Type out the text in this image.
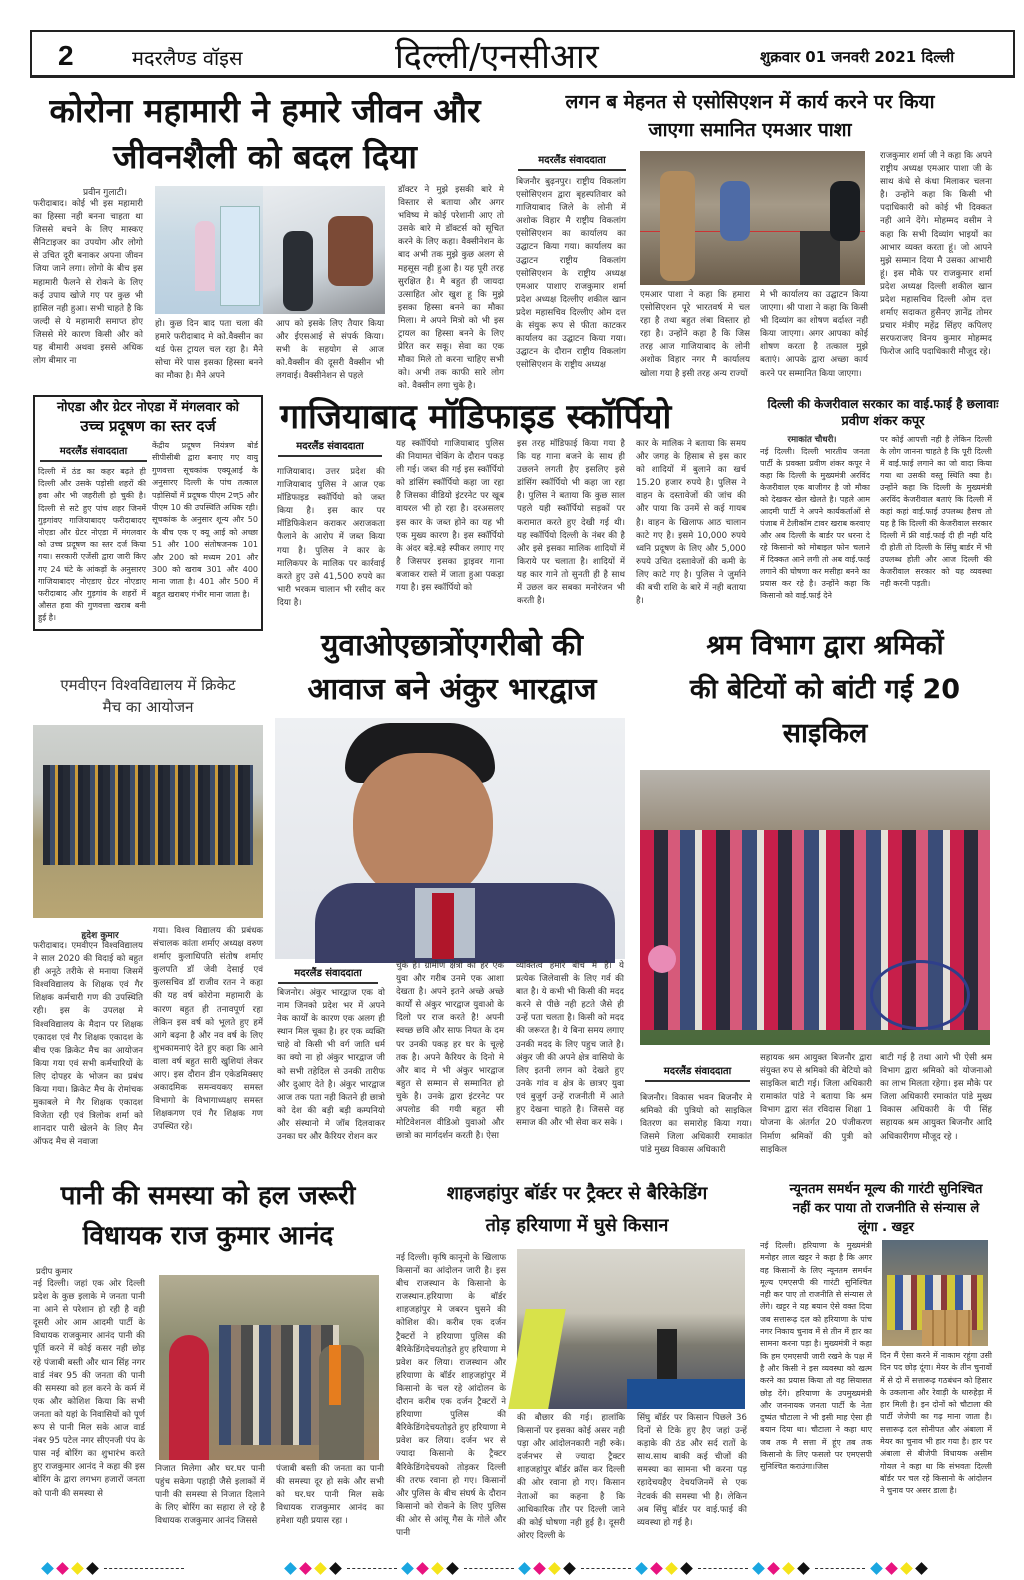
2	मदरलैण्ड वॉइस	दिल्ली/एनसीआर	शुक्रवार 01 जनवरी 2021 दिल्ली
कोरोना महामारी ने हमारे जीवन और
जीवनशैली को बदल दिया
प्रवीन गुलाटी।
फरीदाबाद। कोई भी इस महामारी का हिस्सा नही बनना चाहता था जिससे बचने के लिए मास्कए सैनिटाइजर का उपयोग और लोगो से उचित दूरी बनाकर अपना जीवन जिया जाने लगा। लोगो के बीच इस महामारी फैलने से रोकने के लिए कई उपाय खोजे गए पर कुछ भी हासिल नही हुआ। सभी चाहते है कि जल्दी से ये महामारी समाप्त होए जिससे मेरे कारण किसी और को यह बीमारी अथवा इससे अधिक लोग बीमार ना
हो। कुछ दिन बाद पता चला की हमारे फरीदाबाद मे को.वैक्सीन का थर्ड फेस ट्रायल चल रहा है। मैने सोचा मेरे पास इसका हिस्सा बनने का मौका है। मैने अपने
आप को इसके लिए तैयार किया और ईएसआई से संपर्क किया। सभी के सहयोग से आज को.वैक्सीन की दूसरी वैक्सीन भी लगवाई। वैक्सीनेशन से पहले
डॉक्टर ने मुझे इसकी बारे मे विस्तार से बताया और अगर भविष्य मे कोई परेशानी आए तो उसके बारे मे डॉक्टर्स को सूचित करने के लिए कहा। वैक्सीनेशन के बाद अभी तक मुझे कुछ अलग से महसूस नही हुआ है। यह पूरी तरह सुरक्षित है। मै बहुत ही जायदा उत्साहित ओर खुश हू कि मुझे इसका हिस्सा बनने का मौका मिला। मे अपने मित्रो को भी इस ट्रायल का हिस्सा बनने के लिए प्रेरित कर सकू। सेवा का एक मौका मिले तो करना चाहिए सभी को। अभी तक काफी सारे लोग को. वैक्सीन लगा चुके है।
लगन ब मेहनत से एसोसिएशन में कार्य करने पर किया
जाएगा समानित एमआर पाशा
मदरलैंड संवाददाता
बिजनौर बुढ़नपुर। राष्ट्रीय विकलांग एसोसिएशन द्वारा बृहस्पतिवार को गाजियाबाद जिले के लोनी में अशोक विहार मै राष्ट्रीय विकलांग एसोसिएशन का कार्यालय का उद्घाटन किया गया। कार्यालय का उद्घाटन राष्ट्रीय विकलांग एसोसिएशन के राष्ट्रीय अध्यक्ष एमआर पाशाए राजकुमार शर्मा प्रदेश अध्यक्ष दिल्लीए शकील खान प्रदेश महासचिव दिल्लीए ओम दत्त के संयुक रूप से फीता काटकर कार्यालय का उद्घाटन किया गया। उद्घाटन के दौरान राष्ट्रीय विकलांग एसोसिएशन के राष्ट्रीय अध्यक्ष
एमआर पाशा ने कहा कि हमारा एसोसिएशन पूरे भारतवर्ष मे चल रहा है तथा बहुत लंबा विस्तार हो रहा है। उन्होंने कहा है कि जिस तरह आज गाजियाबाद के लोनी अशोक विहार नगर मै कार्यालय खोला गया है इसी तरह अन्य राज्यों
मे भी कार्यालय का उद्घाटन किया जाएगा। श्री पाशा ने कहा कि किसी भी दिव्यांग का शोषण बर्दाश्त नही किया जाएगा। अगर आपका कोई शोषण करता है तत्काल मुझे बताएं। आपके द्वारा अच्छा कार्य करने पर सम्मानित किया जाएगा।
राजकुमार शर्मा जी ने कहा कि अपने राष्ट्रीय अध्यक्ष एमआर पाशा जी के साथ कंधे से कंधा मिलाकर चलना है। उन्होंने कहा कि किसी भी पदाधिकारी को कोई भी दिक्कत नही आने देंगे। मोहम्मद वसीम ने कहा कि सभी दिव्यांग भाइयों का आभार व्यक्त करता हूं। जो आपने मुझे सम्मान दिया मै उसका आभारी हूं। इस मौके पर राजकुमार शर्मा प्रदेश अध्यक्ष दिल्ली शकील खान प्रदेश महासचिव दिल्ली ओम दत्त शर्माए सदाकत हुसैनए ज्ञानेंद्र तोमर प्रचार मंत्रीए महेंद्र सिंहए कपिलए सरफराजए विनय कुमार मोहम्मद फिरोज आदि पदाधिकारी मौजूद रहे।
नोएडा और ग्रेटर नोएडा में मंगलवार को
उच्च प्रदूषण का स्तर दर्ज
मदरलैंड संवाददाता
दिल्ली में ठंड का कहर बढ़ते ही दिल्ली और उसके पड़ोसी शहरों की हवा और भी जहरीली हो चुकी है। दिल्ली से सटे हुए पांच शहर जिनमें गुड़गांवए गाजियाबादए फरीदाबादए नोएडा और ग्रेटर नोएडा में मंगलवार को उच्च प्रदूषण का स्तर दर्ज किया गया। सरकारी एजेंसी द्वारा जारी किए गए 24 घंटे के आंकड़ों के अनुसारए गाजियाबादए नोएडाए ग्रेटर नोएडाए फरीदाबाद और गुड़गांव के शहरों में औसत हवा की गुणवत्ता खराब बनी हुई है।
केंद्रीय प्रदूषण नियंत्रण बोर्ड सीपीसीबी द्वारा बनाए गए वायु गुणवत्ता सूचकांक एक्यूआई के अनुसारए दिल्ली के पांच तत्काल पड़ोसियों में प्रदूषक पीएम 2ण्5 और पीएम 10 की उपस्थिति अधिक रही। सूचकांक के अनुसार शून्य और 50 के बीच एक ए क्यू आई को अच्छा 51 और 100 संतोषजनक 101 और 200 को मध्यम 201 और 300 को खराब 301 और 400 माना जाता है। 401 और 500 में बहुत खराबए गंभीर माना जाता है।
गाजियाबाद मॉडिफाइड स्कॉर्पियो
मदरलैंड संवाददाता
गाजियाबाद। उत्तर प्रदेश की गाजियाबाद पुलिस ने आज एक मॉडिफाइड स्कॉर्पियो को जब्त किया है। इस कार पर मॉडिफिकेशन कराकर अराजकता फैलाने के आरोप में जब्त किया गया है। पुलिस ने कार के मालिकपर के मालिक पर कार्रवाई करते हुए उसे 41,500 रुपये का भारी भरकम चालान भी रसीद कर दिया है।
यह स्कॉर्पियो गाजियाबाद पुलिस की नियामत चेकिंग के दौरान पकड़ ली गई। जब्त की गई इस स्कॉर्पियो को डांसिंग स्कॉर्पियो कहा जा रहा है जिसका वीडियो इंटरनेट पर खूब वायरल भी हो रहा है। दरअसलए इस कार के जब्त होने का यह भी एक मुख्य कारण है। इस स्कॉर्पियो के अंदर बड़े.बड़े स्पीकर लगाए गए है जिसपर इसका ड्राइवर गाना बजाकर रास्ते में जाता हुआ पकड़ा गया है। इस स्कॉर्पियो को
इस तरह मॉडिफाई किया गया है कि यह गाना बजने के साथ ही उछलने लगती हैए इसलिए इसे डांसिंग स्कॉर्पियो भी कहा जा रहा है। पुलिस ने बताया कि कुछ साल पहले यही स्कॉर्पियो सड़कों पर करामात करते हुए देखी गई थी। यह स्कॉर्पियो दिल्ली के नंबर की है और इसे इसका मालिक शादियों में किराये पर चलाता है। शादियों में यह कार गाने तो सुनती ही है साथ में उछल कर सबका मनोरंजन भी करती है।
कार के मालिक ने बताया कि समय और जगह के हिसाब से इस कार को शादियों में बुलाने का खर्च 15.20 हजार रुपये है। पुलिस ने वाहन के दस्तावेजों की जांच की और पाया कि उनमें से कई गायब है। वाहन के खिलाफ आठ चालान काटे गए है। इसमे 10,000 रुपये ध्वनि प्रदूषण के लिए और 5,000 रुपये उचित दस्तावेजों की कमी के लिए काटे गए है। पुलिस ने जुर्माने की बची राशि के बारे में नही बताया है।
दिल्ली की केजरीवाल सरकार का वाई.फाई है छलावाः
प्रवीण शंकर कपूर
रमाकांत चौधरी।
नई दिल्ली। दिल्ली भारतीय जनता पार्टी के प्रवक्ता प्रवीण शंकर कपूर ने कहा कि दिल्ली के मुख्यमंत्री अरविंद केजरीवाल एक बाजीगर है जो मौका को देखकर खेल खेलते है। पहले आम आदमी पार्टी ने अपने कार्यकर्ताओं से पंजाब में टेलीकॉम टावर खराब करवाए और अब दिल्ली के बार्डर पर धरना दे रहे किसानो को मोबाइल फोन चलाने में दिक्कत आने लगी तो अब वाई.फाई लगाने की घोषणा कर मसीहा बनने का प्रयास कर रहे है। उन्होंने कहा कि किसानो को वाई.फाई देने
पर कोई आपत्ती नही है लेकिन दिल्ली के लोग जानना चाहते है कि पूरी दिल्ली में वाई.फाई लगाने का जो वादा किया गया था उसकी वस्तु स्थिति क्या है। उन्होंने कहा कि दिल्ली के मुख्यमंत्री अरविंद केजरीवाल बताएं कि दिल्ली में कहां कहां वाई.फाई उपलब्ध हैसच तो यह है कि दिल्ली की केजरीवाल सरकार दिल्ली में फ्री वाई.फाई दी ही नही यदि दी होती तो दिल्ली के सिंघु बार्डर में भी उपलब्ध होती और आज दिल्ली की केजरीवाल सरकार को यह व्यवस्था नही करनी पड़ती।
एमवीएन विश्वविद्यालय में क्रिकेट
मैच का आयोजन
हृदेश कुमार
फरीदाबाद। एमवीएन विश्वविद्यालय ने साल 2020 की विदाई को बहुत ही अनूठे तरीके से मनाया जिसमें विश्वविद्यालय के शिक्षक एवं गैर शिक्षक कर्मचारी गण की उपस्थिति रही। इस के उपलक्ष मे विश्वविद्यालय के मैदान पर शिक्षक एकादश एवं गैर शिक्षक एकादश के बीच एक क्रिकेट मैच का आयोजन किया गया एवं सभी कर्मचारियों के लिए दोपहर के भोजन का प्रबंध किया गया। क्रिकेट मैच के रोमांचक मुकाबले मे गैर शिक्षक एकादश विजेता रही एवं त्रिलोक शर्मा को शानदार पारी खेलने के लिए मैन ऑफद मैच से नवाजा
गया। विश्व विद्यालय की प्रबंधक संचालक कांता शर्माए अध्यक्ष वरुण शर्माए कुलाधिपति संतोष शर्माए कुलपति डॉ जेवी देसाई एवं कुलसचिव डॉ राजीव रतन ने कहा की यह वर्ष कोरोना महामारी के कारण बहुत ही तनावपूर्ण रहा लेकिन इस वर्ष को भूलते हुए हमें आगे बढ़ना है और नव वर्ष के लिए शुभकामनाएं देते हुए कहा कि आने वाला वर्ष बहुत सारी खुशियां लेकर आए। इस दौरान डीन एकेडमिक्सए अकादमिक समन्वयकए समस्त विभागो के विभागाध्यक्षए समस्त शिक्षकगण एवं गैर शिक्षक गण उपस्थित रहे।
युवाओएछात्रोंएगरीबो की
आवाज बने अंकुर भारद्वाज
मदरलैंड संवाददाता
बिजनोर। अंकुर भारद्वाज एक वो नाम जिनको प्रदेश भर में अपने नेक कार्यों के कारण एक अलग ही स्थान मिल चूका है। हर एक व्यक्ति चाहे वो किसी भी वर्ग जाति धर्म का क्यो ना हो अंकुर भारद्वाज जी को सभी तहेदिल से उनकी तारीफ और दुआए देते है। अंकुर भारद्वाज आज तक पता नही कितने ही छात्रो को देश की बड़ी बड़ी कम्पनियो और संस्थानो मे जॉब दिलवाकर उनका घर और कैरियर रोशन कर
चुके है। ग्रामीण क्षेत्रो का हर एक युवा और गरीब उनमे एक आशा देखता है। अपने इतने अच्छे अच्छे कार्यों से अंकुर भारद्वाज युवाओ के दिलो पर राज करते है! अपनी स्वच्छ छवि और साफ नियत के दम पर उनकी पकड़ हर घर के चूल्हे तक है। अपने कैरियर के दिनो मे और बाद मे भी अंकुर भारद्वाज बहुत से सम्मान से सम्मानित हो चुके है। उनके द्वारा इंटरनेट पर अपलोड की गयी बहुत सी मोटिवेशनल वीडिओ युवाओ और छात्रो का मार्गदर्शन करती है। ऐसा
व्यक्तित्व हमारे बीच मे है। ये प्रत्येक जिलेवासी के लिए गर्व की बात है। ये कभी भी किसी की मदद करने से पीछे नही हटते जैसे ही उन्हें पता चलता है। किसी को मदद की जरूरत है। ये बिना समय लगाए उनकी मदद के लिए पहुच जाते है। अंकुर जी की अपने क्षेत्र वासियो के लिए इतनी लगन को देखते हुए उनके गांव व क्षेत्र के छात्रए युवा एवं बुजुर्ग उन्हें राजनीती में आते हुए देखना चाहते है। जिससे वह समाज की और भी सेवा कर सके ।
श्रम विभाग द्वारा श्रमिकों
की बेटियों को बांटी गई 20
साइकिल
मदरलैंड संवाददाता
बिजनौर। विकास भवन बिजनौर मे श्रमिको की पुत्रियो को साइकिल वितरण का समारोह किया गया। जिसमे जिला अधिकारी रमाकांत पांडे मुख्य विकास अधिकारी
सहायक श्रम आयुक्त बिजनौर द्वारा संयुक्त रुप से श्रमिको की बेटियो को साइकिल बाटी गई। जिला अधिकारी रामाकांत पांडे ने बताया कि श्रम विभाग द्वारा संत रविदास शिक्षा 1 योजना के अंतर्गत 20 पंजीकरण निर्माण श्रमिकों की पुत्री को साइकिल
बाटी गई है तथा आगे भी ऐसी श्रम विभाग द्वारा श्रमिको को योजनाओ का लाभ मिलता रहेगा। इस मौके पर जिला अधिकारी रमाकांत पांडे मुख्य विकास अधिकारी के पी सिंह सहायक श्रम आयुक्त बिजनौर आदि अधिकारीगण मौजूद रहे ।
पानी की समस्या को हल जरूरी
विधायक राज कुमार आनंद
प्रदीप कुमार
नई दिल्ली। जहां एक ओर दिल्ली प्रदेश के कुछ इलाके मे जनता पानी ना आने से परेशान हो रही है वही दूसरी ओर आम आदमी पार्टी के विधायक राजकुमार आनंद पानी की पूर्ति करने में कोई कसर नही छोड़ रहे पंजाबी बस्ती और धान सिंह नगर वार्ड नंबर 95 की जनता की पानी की समस्या को हल करने के कर्म में एक और कोशिश किया कि सभी जनता को यहां के निवासियों को पूर्ण रूप से पानी मिल सके आज वार्ड नंबर 95 पटेल नगर सीएनजी पंप के पास नई बोरिंग का शुभारंभ करते हुए राजकुमार आनंद ने कहा की इस बोरिंग के द्वारा लगभग हजारों जनता को पानी की समस्या से
निजात मिलेगा और घर.घर पानी पहुंच सकेगा पहाड़ी जैसे इलाकों में पानी की समस्या से निजात दिलाने के लिए बोरिंग का सहारा ले रहे है विधायक राजकुमार आनंद जिससे
पंजाबी बस्ती की जनता का पानी की समस्या दूर हो सके और सभी को घर.घर पानी मिल सके विधायक राजकुमार आनंद का हमेशा यही प्रयास रहा ।
शाहजहांपुर बॉर्डर पर ट्रैक्टर से बैरिकेडिंग
तोड़ हरियाणा में घुसे किसान
नई दिल्ली। कृषि कानूनो के खिलाफ किसानों का आंदोलन जारी है। इस बीच राजस्थान के किसानो के राजस्थान.हरियाणा के बॉर्डर शाहजहांपुर मे जबरन घुसने की कोशिश की। करीब एक दर्जन ट्रैक्टरों ने हरियाणा पुलिस की बैरिकेडिंगदेचयतोड़ते हुए हरियाणा मे प्रवेश कर लिया। राजस्थान और हरियाणा के बॉर्डर शाहजहांपुर में किसानो के चल रहे आंदोलन के दौरान करीब एक दर्जन ट्रैक्टरों ने हरियाणा पुलिस की बैरिकेडिंगदेचयतोड़ते हुए हरियाणा मे प्रवेश कर लिया। दर्जन भर से ज्यादा किसानो के ट्रैक्टर बैरिकेडिंगदेचयको तोड़कर दिल्ली की तरफ रवाना हो गए। किसानों और पुलिस के बीच संघर्ष के दौरान किसानो को रोकने के लिए पुलिस की ओर से आंसू गैस के गोले और पानी
की बौछार की गई। हालांकि किसानों पर इसका कोई असर नही पड़ा और आंदोलनकारी नही रुके। दर्जनभर से ज्यादा ट्रैक्टर शाहजहांपुर बॉर्डर क्रॉस कर दिल्ली की ओर रवाना हो गए। किसान नेताओं का कहना है कि आधिकारिक तौर पर दिल्ली जाने की कोई घोषणा नही हुई है। दूसरी ओरए दिल्ली के
सिंघु बॉर्डर पर किसान पिछले 36 दिनों से टिके हुए हैए जहां उन्हें कड़ाके की ठंड और सर्द रातों के साथ.साथ बाकी कई चीजों की समस्या का सामना भी करना पड़ रहादेचयहैए देचयजिनमें से एक नेटवर्क की समस्या भी है। लेकिन अब सिंघु बॉर्डर पर वाई.फाई की व्यवस्था हो गई है।
न्यूनतम समर्थन मूल्य की गारंटी सुनिश्चित
नहीं कर पाया तो राजनीति से संन्यास ले
लूंगा . खट्टर
नई दिल्ली। हरियाणा के मुख्यमंत्री मनोहर लाल खट्टर ने कहा है कि अगर वह किसानों के लिए न्यूनतम समर्थन मूल्य एमएसपी की गारंटी सुनिश्चित नही कर पाए तो राजनीति से संन्यास ले लेंगे। खट्टर ने यह बयान ऐसे वक्त दिया जब सत्तारूढ़ दल को हरियाणा के पांच नगर निकाय चुनाव में से तीन में हार का सामना करना पड़ा है। मुख्यमंत्री ने कहा कि हम एमएसपी जारी रखने के पक्ष में है और किसी ने इस व्यवस्था को खत्म करने का प्रयास किया तो वह सियासत छोड़ देंगे। हरियाणा के उपमुख्यमंत्री और जननायक जनता पार्टी के नेता दुष्यंत चौटाला ने भी इसी माह ऐसा ही बयान दिया था। चौटाला ने कहा थाए जब तक मै सत्ता में हूंए तब तक किसानो के लिए फसलो पर एमएसपी सुनिश्चित कराउंगा।जिस
दिन मैं ऐसा करने में नाकाम रहूंगा उसी दिन पद छोड़ दूंगा। मेयर के तीन चुनावों में से दो में सत्तारूढ़ गठबंधन को हिसार के उकलाना और रेवाड़ी के धारुहेड़ा में हार मिली है। इन दोनों को चौटाला की पार्टी जेजेपी का गढ़ माना जाता है। सत्तारूढ़ दल सोनीपत और अंबाला में मेयर का चुनाव भी हार गया है। हार पर अंबाला से बीजेपी विधायक असीम गोयल ने कहा था कि संभवतः दिल्ली बॉर्डर पर चल रहे किसानो के आंदोलन ने चुनाव पर असर डाला है।
